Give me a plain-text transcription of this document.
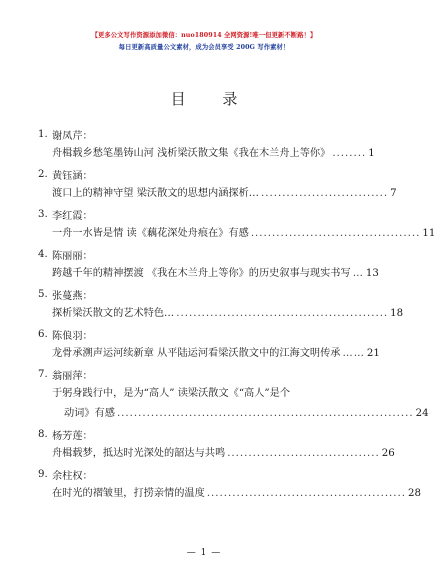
【更多公文写作资源添加微信：nuo180914 全网资源!唯一但更新不断路！】
每日更新高质量公文素材，成为会员享受 200G 写作素材！
目 录
1. 谢凤芹：
舟楫载乡愁笔墨铸山河 浅析梁沃散文集《我在木兰舟上等你》 ........ 1
2. 黄钰涵：
渡口上的精神守望 梁沃散文的思想内涵探析… .............................. 7
3. 李红霞：
一舟一水皆是情 读《藕花深处舟痕在》有感 ........................................ 11
4. 陈丽丽：
跨越千年的精神摆渡 《我在木兰舟上等你》的历史叙事与现实书写 … 13
5. 张蔓燕：
探析梁沃散文的艺术特色… .................................................. 18
6. 陈俍羽：
龙骨承溯声运河续新章 从平陆运河看梁沃散文中的江海文明传承 …… 21
7. 翁丽萍：
于躬身践行中，是为“高人” 读梁沃散文《“高人”是个
动词》有感 ...................................................................... 24
8. 杨芳莲：
舟楫载梦，抵达时光深处的韶达与共鸣 .................................... 26
9. 余柱权：
在时光的褶皱里，打捞亲情的温度 ............................................... 28
— 1 —
